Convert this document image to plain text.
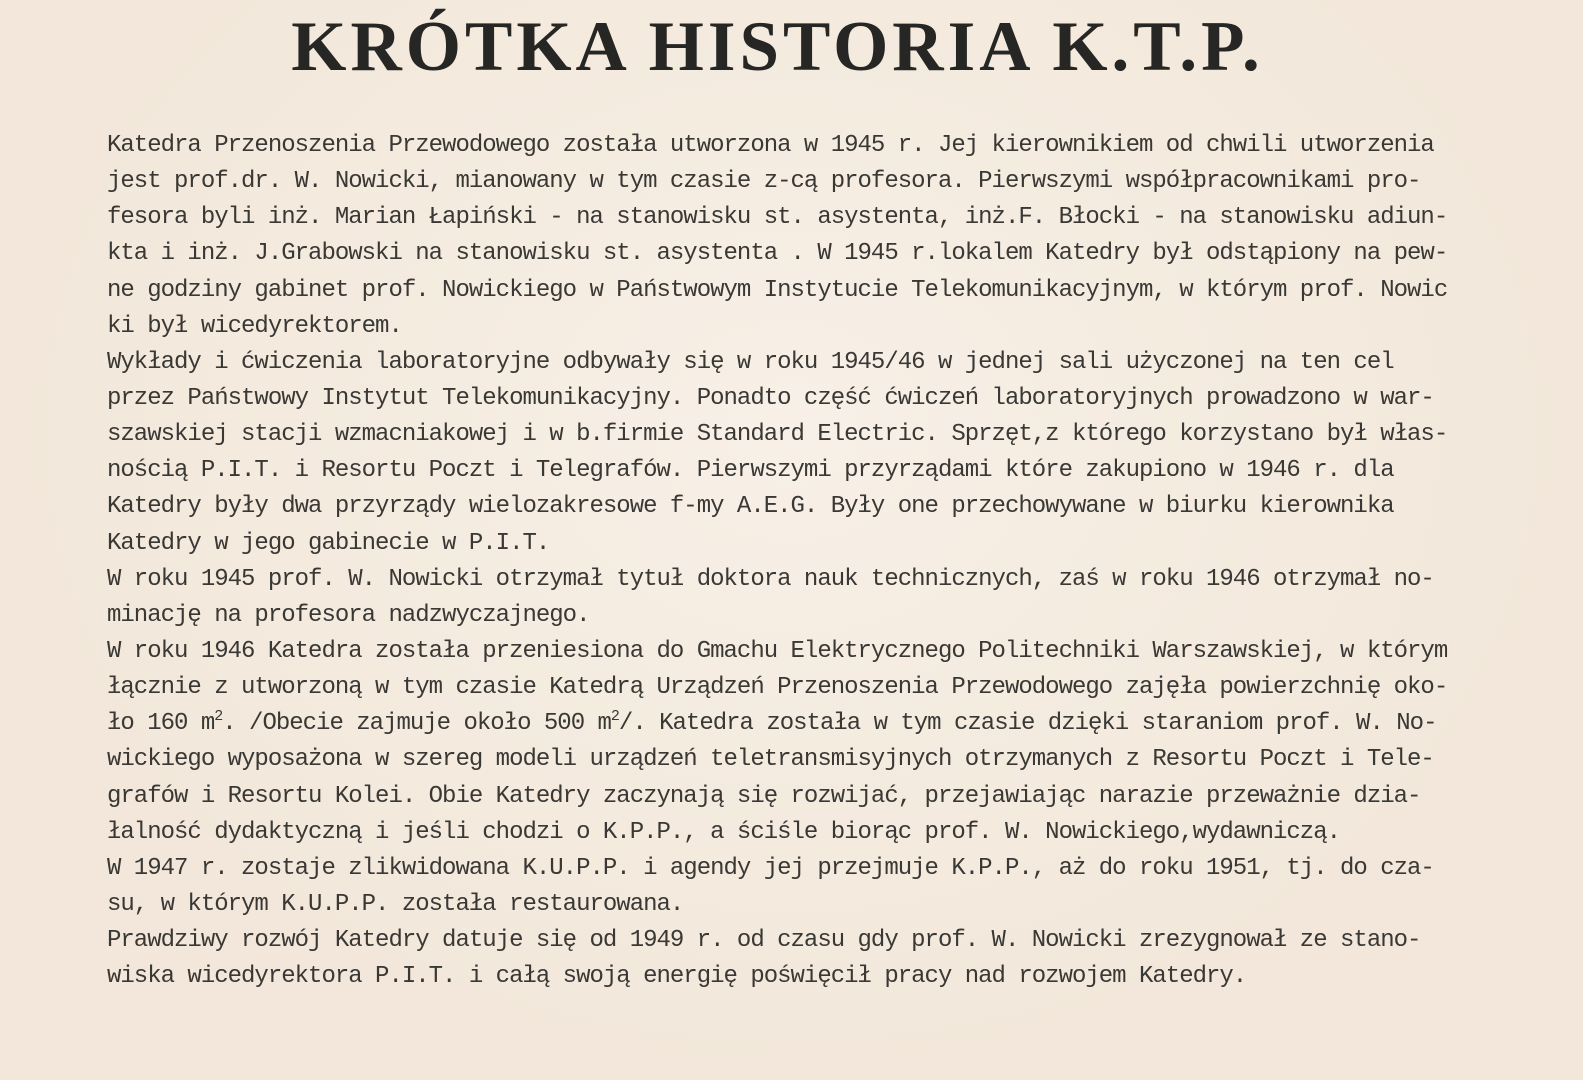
KRÓTKA HISTORIA K.T.P.
Katedra Przenoszenia Przewodowego została utworzona w 1945 r. Jej kierownikiem od chwili utworzenia
jest prof.dr. W. Nowicki, mianowany w tym czasie z-cą profesora. Pierwszymi współpracownikami pro-
fesora byli inż. Marian Łapiński - na stanowisku st. asystenta, inż.F. Błocki - na stanowisku adiun-
kta i inż. J.Grabowski na stanowisku st. asystenta . W 1945 r.lokalem Katedry był odstąpiony na pew-
ne godziny gabinet prof. Nowickiego w Państwowym Instytucie Telekomunikacyjnym, w którym prof. Nowic
ki był wicedyrektorem.
Wykłady i ćwiczenia laboratoryjne odbywały się w roku 1945/46 w jednej sali użyczonej na ten cel
przez Państwowy Instytut Telekomunikacyjny. Ponadto część ćwiczeń laboratoryjnych prowadzono w war-
szawskiej stacji wzmacniakowej i w b.firmie Standard Electric. Sprzęt,z którego korzystano był włas-
nością P.I.T. i Resortu Poczt i Telegrafów. Pierwszymi przyrządami które zakupiono w 1946 r. dla
Katedry były dwa przyrządy wielozakresowe f-my A.E.G. Były one przechowywane w biurku kierownika
Katedry w jego gabinecie w P.I.T.
W roku 1945 prof. W. Nowicki otrzymał tytuł doktora nauk technicznych, zaś w roku 1946 otrzymał no-
minację na profesora nadzwyczajnego.
W roku 1946 Katedra została przeniesiona do Gmachu Elektrycznego Politechniki Warszawskiej, w którym
łącznie z utworzoną w tym czasie Katedrą Urządzeń Przenoszenia Przewodowego zajęła powierzchnię oko-
ło 160 $m^2$. /Obecie zajmuje około 500 $m^2/$. Katedra została w tym czasie dzięki staraniom prof. W. No-
wickiego wyposażona w szereg modeli urządzeń teletransmisyjnych otrzymanych z Resortu Poczt i Tele-
grafów i Resortu Kolei. Obie Katedry zaczynają się rozwijać, przejawiając narazie przeważnie dzia-
łalność dydaktyczną i jeśli chodzi o K.P.P., a ściśle biorąc prof. W. Nowickiego,wydawniczą.
W 1947 r. zostaje zlikwidowana K.U.P.P. i agendy jej przejmuje K.P.P., aż do roku 1951, tj. do cza-
su, w którym K.U.P.P. została restaurowana.
Prawdziwy rozwój Katedry datuje się od 1949 r. od czasu gdy prof. W. Nowicki zrezygnował ze stano-
wiska wicedyrektora P.I.T. i całą swoją energię poświęcił pracy nad rozwojem Katedry.
